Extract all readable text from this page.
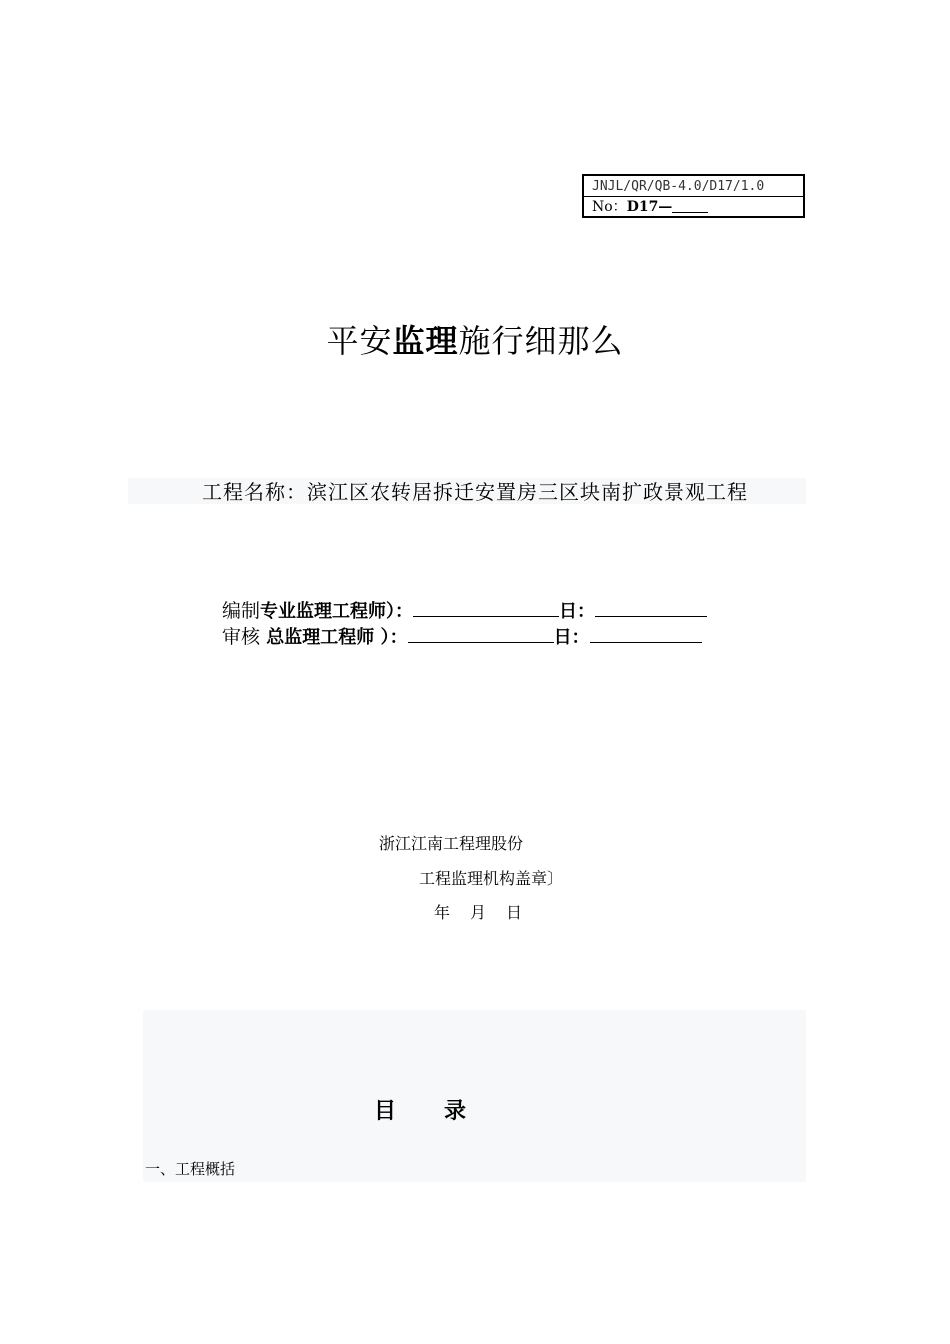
JNJL/QR/QB-4.0/D17/1.0
No：D17—
平安监理施行细那么
工程名称：滨江区农转居拆迁安置房三区块南扩政景观工程
编制专业监理工程师）：	日：
审核 总监理工程师 ）：	日：
浙江江南工程理股份
工程监理机构盖章〕
年 月 日
目 录
一、工程概括
